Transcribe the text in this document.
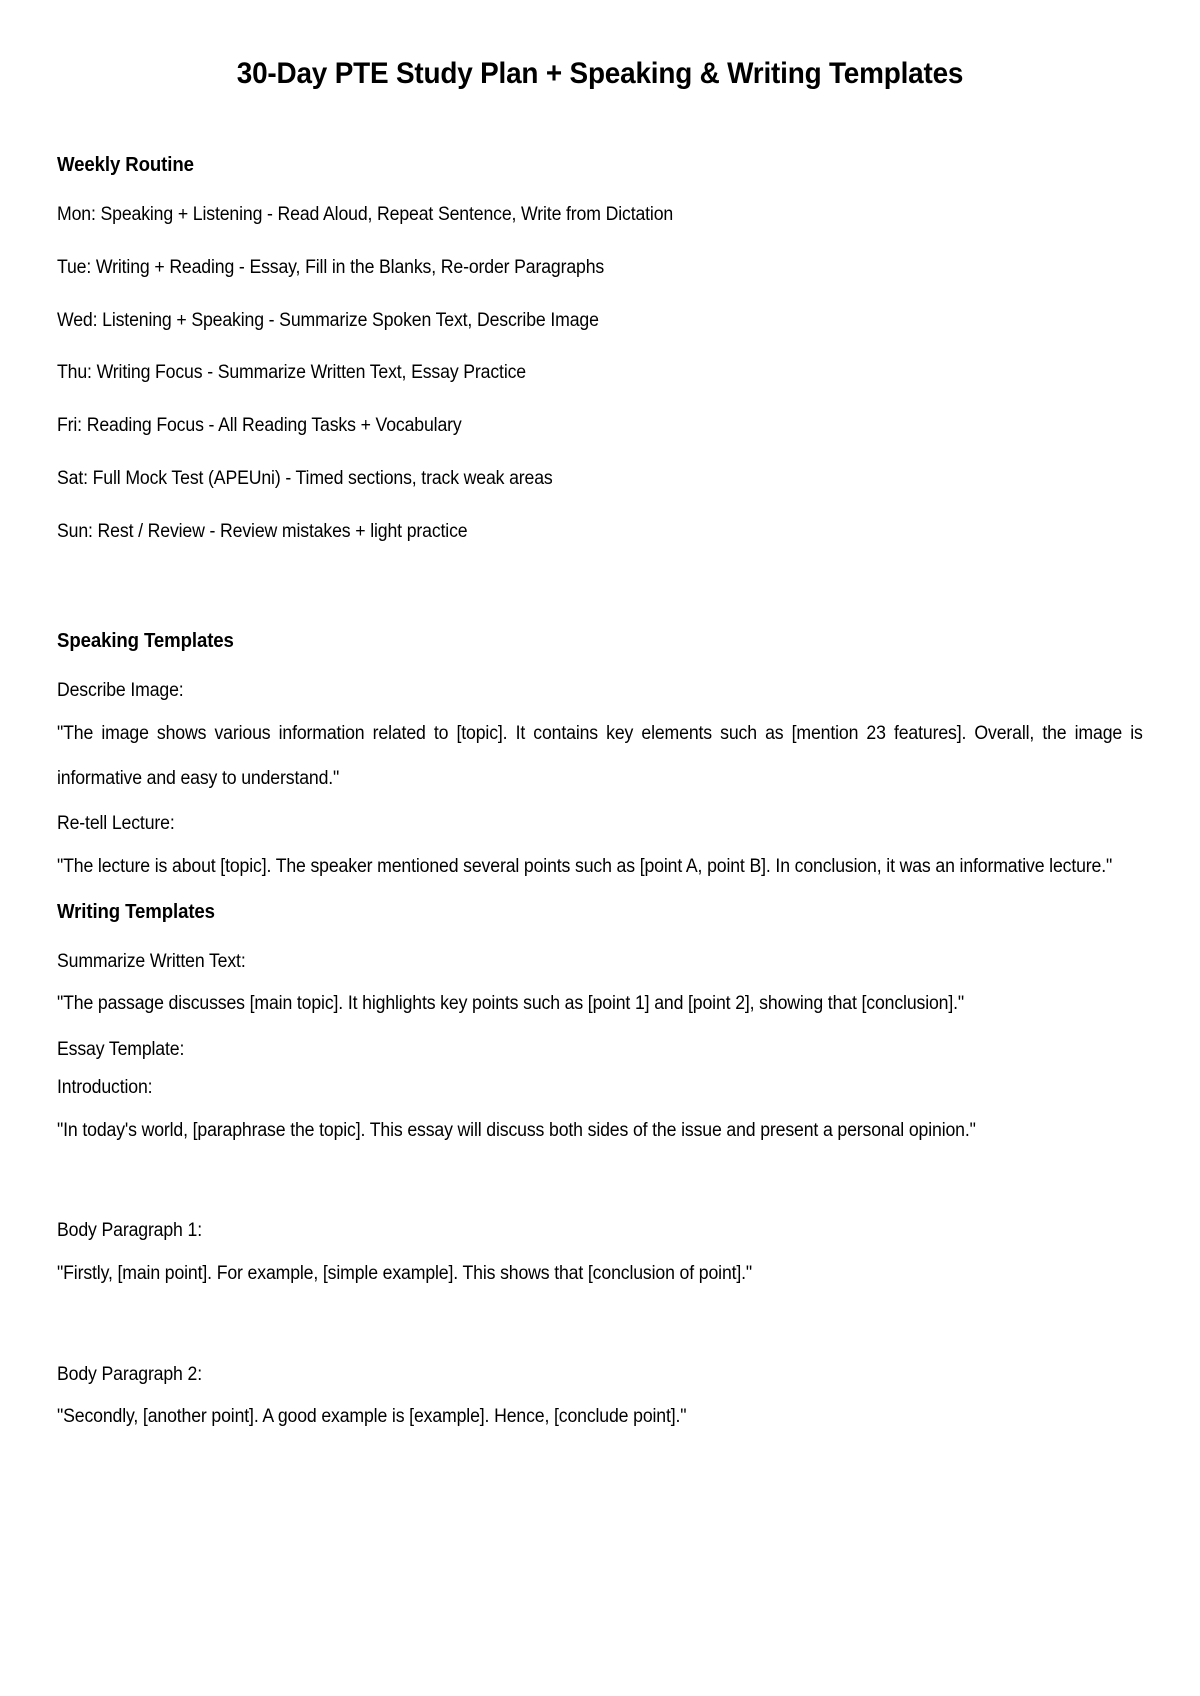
30-Day PTE Study Plan + Speaking & Writing Templates
Weekly Routine

Mon: Speaking + Listening - Read Aloud, Repeat Sentence, Write from Dictation

Tue: Writing + Reading - Essay, Fill in the Blanks, Re-order Paragraphs

Wed: Listening + Speaking - Summarize Spoken Text, Describe Image

Thu: Writing Focus - Summarize Written Text, Essay Practice

Fri: Reading Focus - All Reading Tasks + Vocabulary

Sat: Full Mock Test (APEUni) - Timed sections, track weak areas

Sun: Rest / Review - Review mistakes + light practice

Speaking Templates

Describe Image:

"The image shows various information related to [topic]. It contains key elements such as [mention 23 features]. Overall, the image is informative and easy to understand."

Re-tell Lecture:

"The lecture is about [topic]. The speaker mentioned several points such as [point A, point B]. In conclusion, it was an informative lecture."

Writing Templates

Summarize Written Text:

"The passage discusses [main topic]. It highlights key points such as [point 1] and [point 2], showing that [conclusion]."

Essay Template:

Introduction:

"In today's world, [paraphrase the topic]. This essay will discuss both sides of the issue and present a personal opinion."

Body Paragraph 1:

"Firstly, [main point]. For example, [simple example]. This shows that [conclusion of point]."

Body Paragraph 2:

"Secondly, [another point]. A good example is [example]. Hence, [conclude point]."
